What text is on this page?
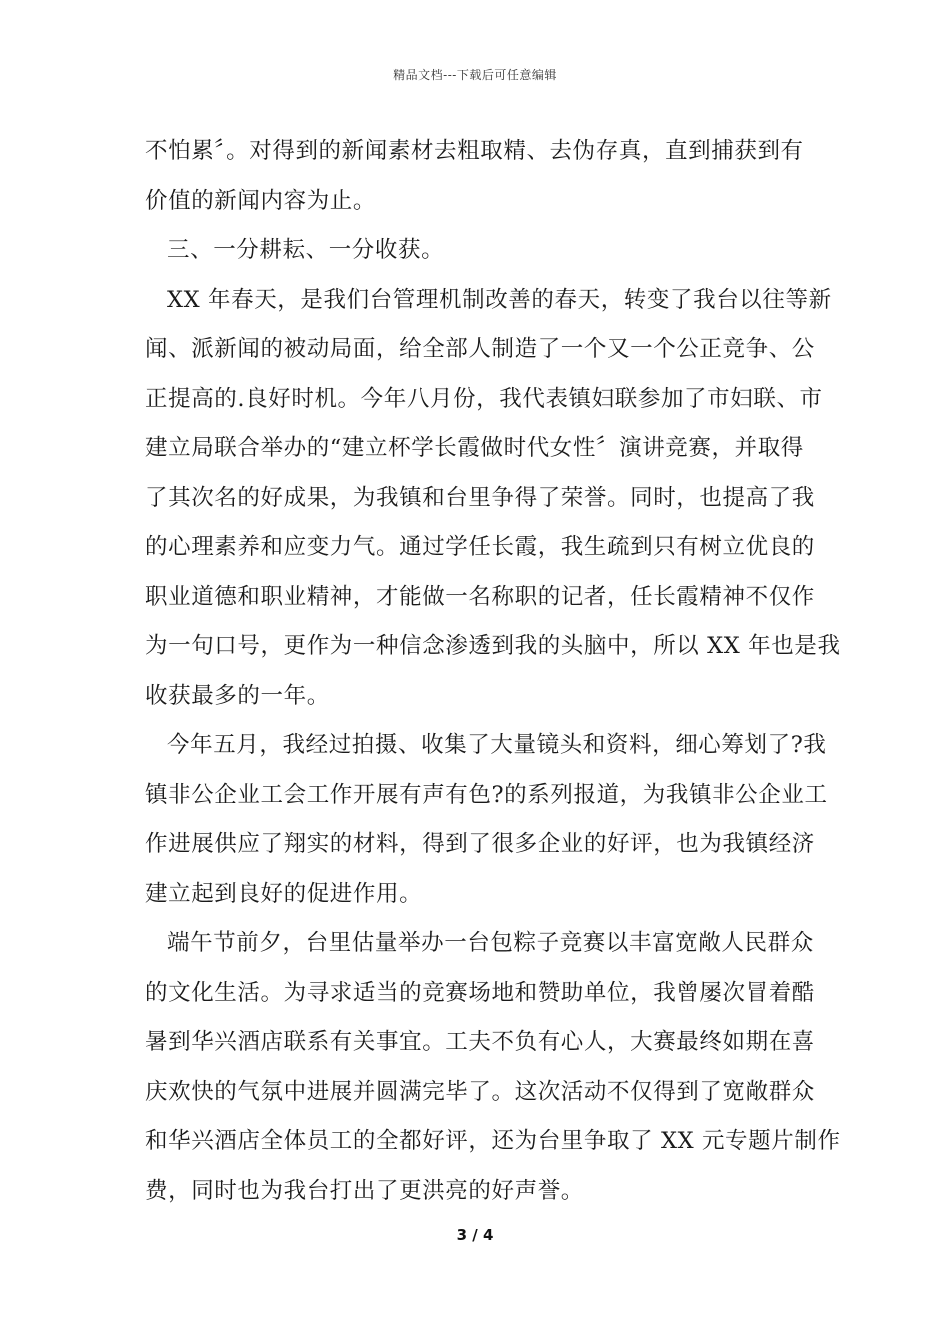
精品文档---下载后可任意编辑
不怕累〞。对得到的新闻素材去粗取精、去伪存真，直到捕获到有
价值的新闻内容为止。
三、一分耕耘、一分收获。
XX 年春天，是我们台管理机制改善的春天，转变了我台以往等新
闻、派新闻的被动局面，给全部人制造了一个又一个公正竞争、公
正提高的.良好时机。今年八月份，我代表镇妇联参加了市妇联、市
建立局联合举办的“建立杯学长霞做时代女性〞演讲竞赛，并取得
了其次名的好成果，为我镇和台里争得了荣誉。同时，也提高了我
的心理素养和应变力气。通过学任长霞，我生疏到只有树立优良的
职业道德和职业精神，才能做一名称职的记者，任长霞精神不仅作
为一句口号，更作为一种信念渗透到我的头脑中，所以 XX 年也是我
收获最多的一年。
今年五月，我经过拍摄、收集了大量镜头和资料，细心筹划了?我
镇非公企业工会工作开展有声有色?的系列报道，为我镇非公企业工
作进展供应了翔实的材料，得到了很多企业的好评，也为我镇经济
建立起到良好的促进作用。
端午节前夕，台里估量举办一台包粽子竞赛以丰富宽敞人民群众
的文化生活。为寻求适当的竞赛场地和赞助单位，我曾屡次冒着酷
暑到华兴酒店联系有关事宜。工夫不负有心人，大赛最终如期在喜
庆欢快的气氛中进展并圆满完毕了。这次活动不仅得到了宽敞群众
和华兴酒店全体员工的全都好评，还为台里争取了 XX 元专题片制作
费，同时也为我台打出了更洪亮的好声誉。
3 / 4
